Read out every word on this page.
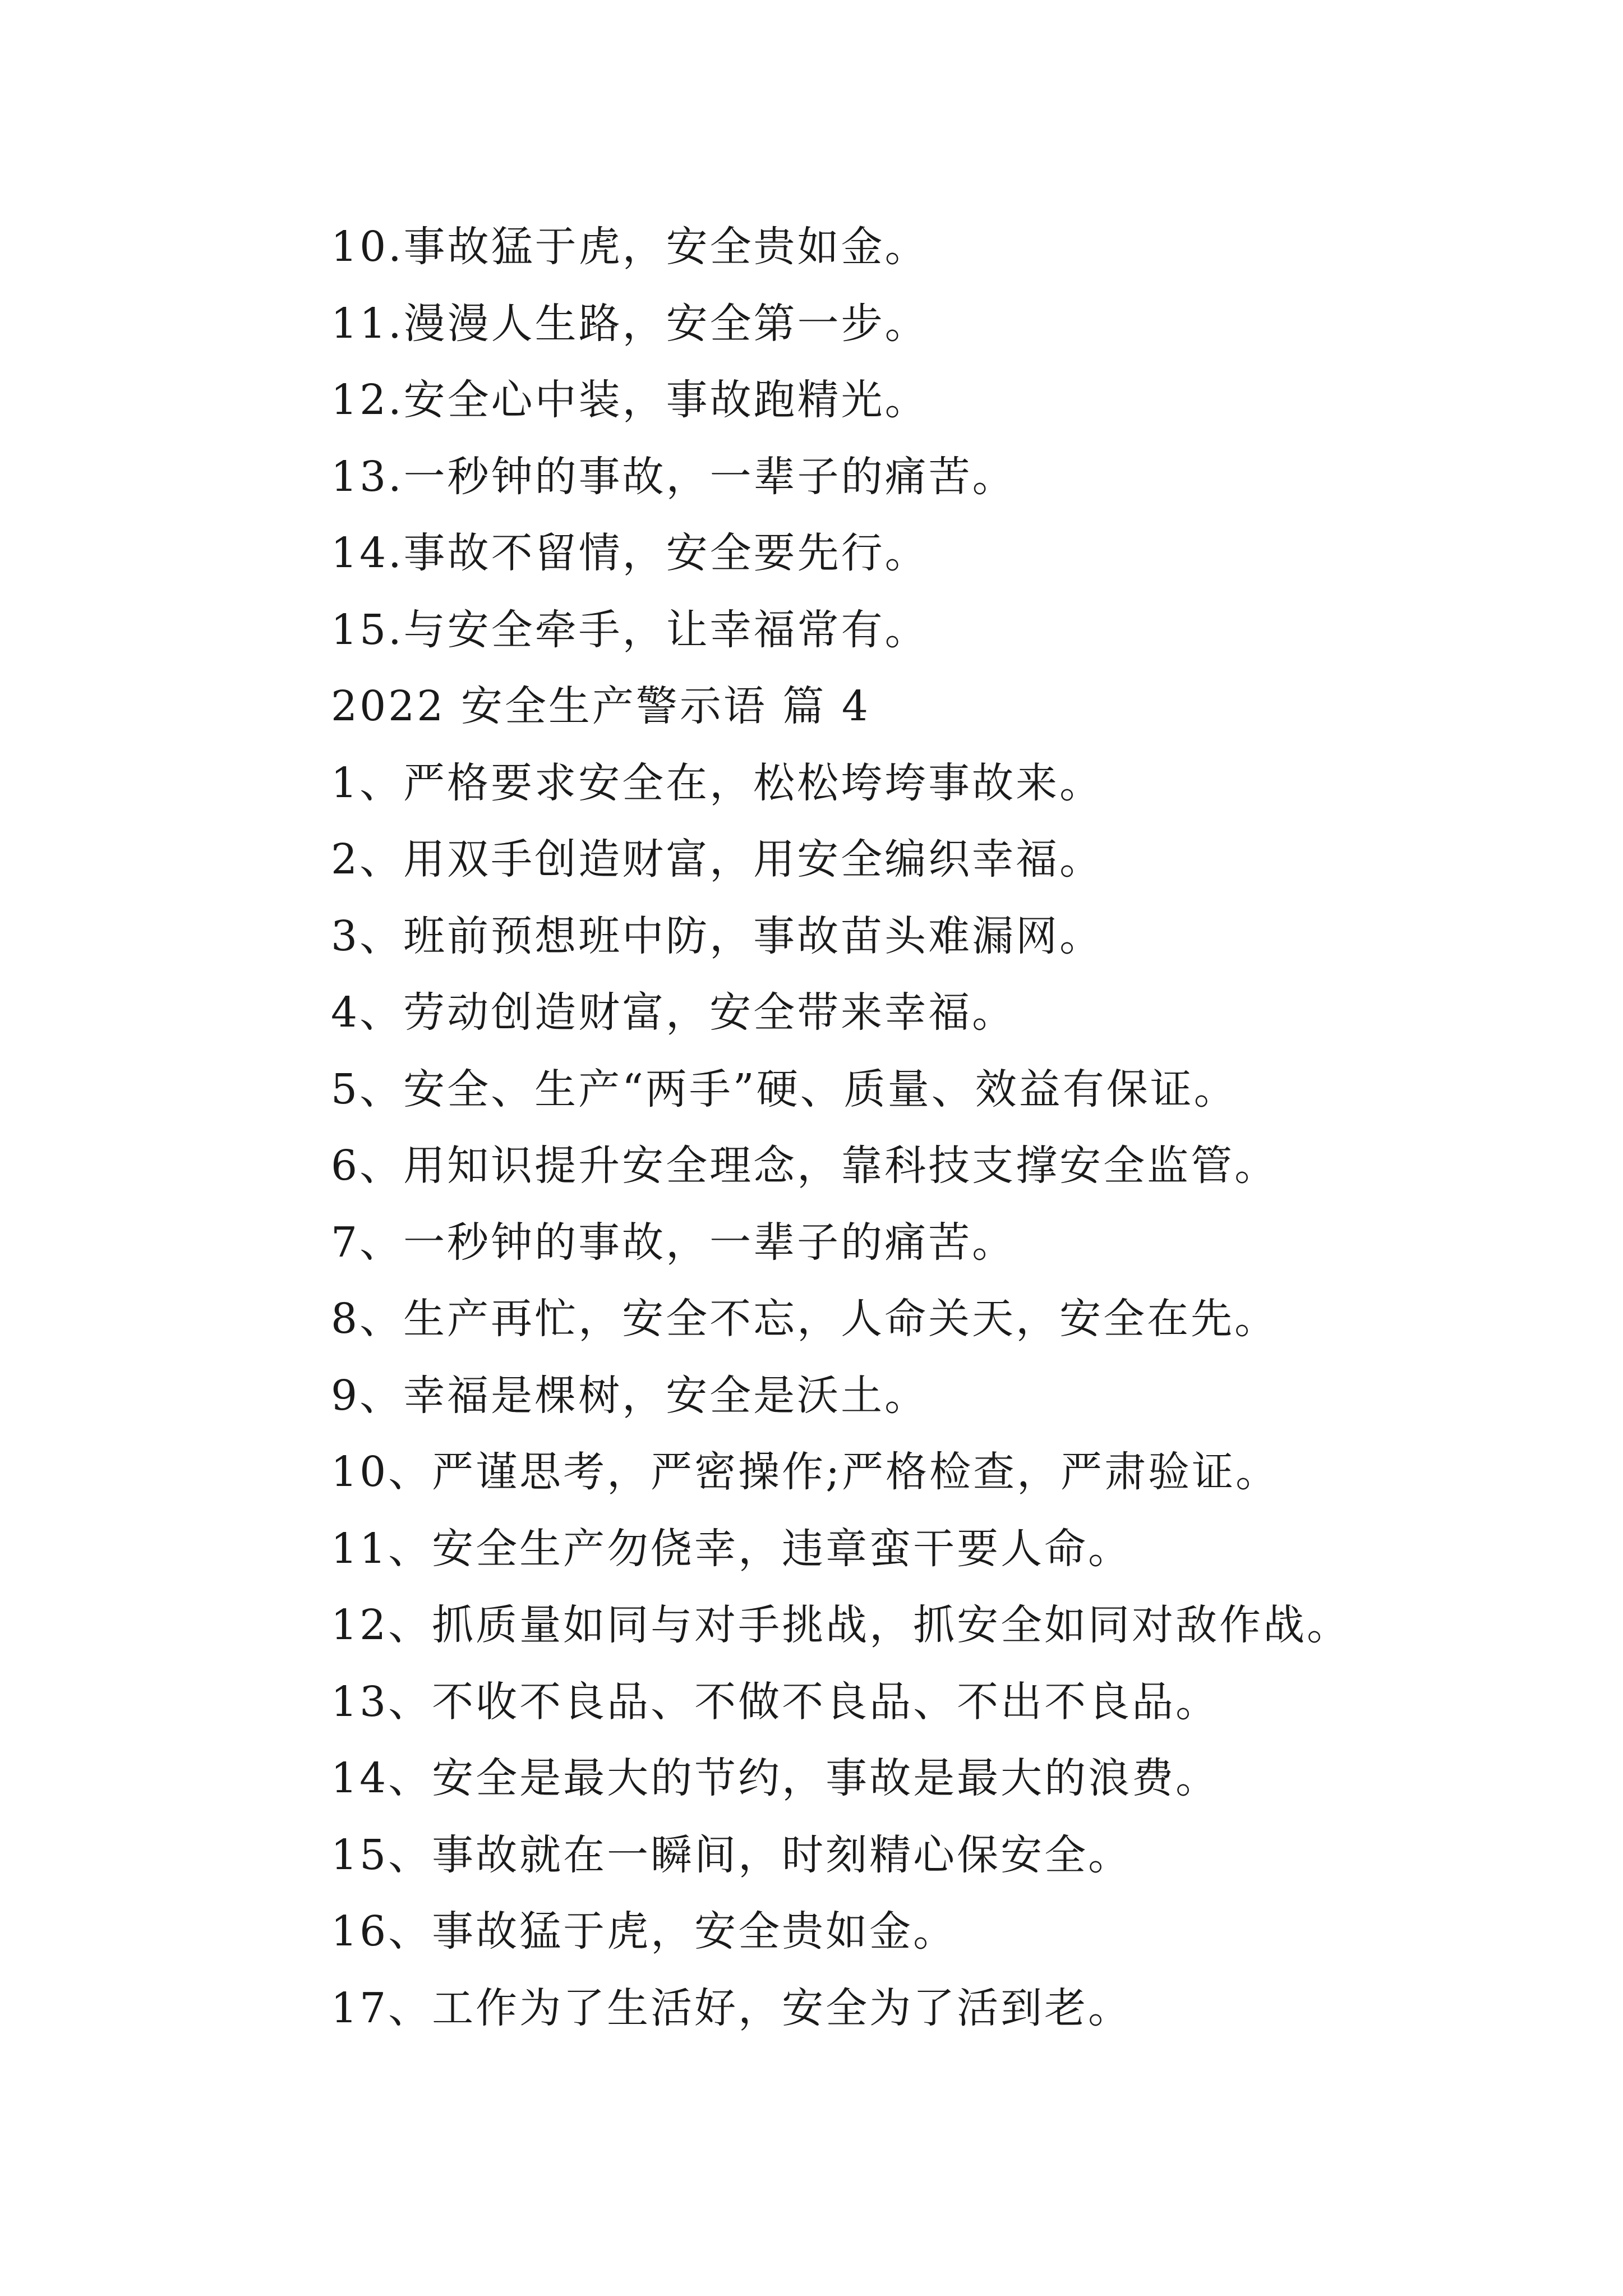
10.事故猛于虎，安全贵如金。
11.漫漫人生路，安全第一步。
12.安全心中装，事故跑精光。
13.一秒钟的事故，一辈子的痛苦。
14.事故不留情，安全要先行。
15.与安全牵手，让幸福常有。
2022 安全生产警示语 篇 4
1、严格要求安全在，松松垮垮事故来。
2、用双手创造财富，用安全编织幸福。
3、班前预想班中防，事故苗头难漏网。
4、劳动创造财富，安全带来幸福。
5、安全、生产“两手”硬、质量、效益有保证。
6、用知识提升安全理念，靠科技支撑安全监管。
7、一秒钟的事故，一辈子的痛苦。
8、生产再忙，安全不忘，人命关天，安全在先。
9、幸福是棵树，安全是沃土。
10、严谨思考，严密操作;严格检查，严肃验证。
11、安全生产勿侥幸，违章蛮干要人命。
12、抓质量如同与对手挑战，抓安全如同对敌作战。
13、不收不良品、不做不良品、不出不良品。
14、安全是最大的节约，事故是最大的浪费。
15、事故就在一瞬间，时刻精心保安全。
16、事故猛于虎，安全贵如金。
17、工作为了生活好，安全为了活到老。
